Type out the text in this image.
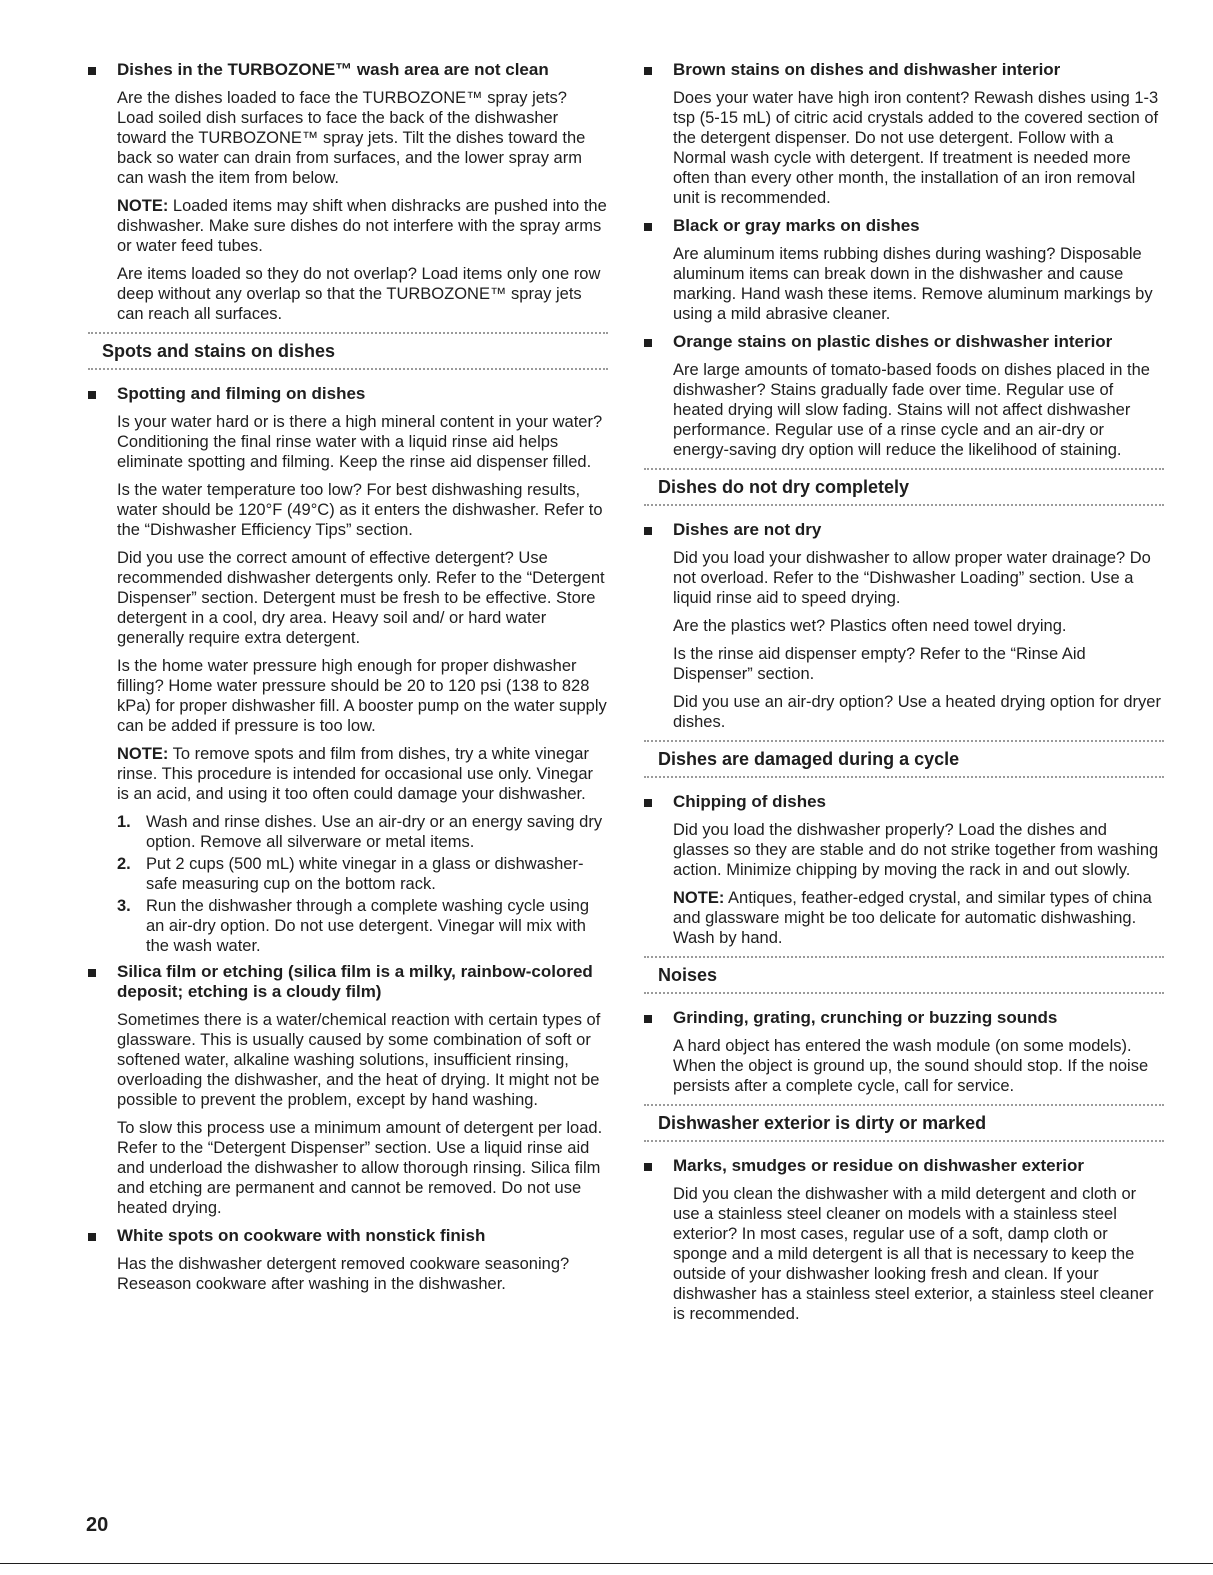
Dishes in the TURBOZONE™ wash area are not clean

Are the dishes loaded to face the TURBOZONE™ spray jets? Load soiled dish surfaces to face the back of the dishwasher toward the TURBOZONE™ spray jets. Tilt the dishes toward the back so water can drain from surfaces, and the lower spray arm can wash the item from below.

NOTE: Loaded items may shift when dishracks are pushed into the dishwasher. Make sure dishes do not interfere with the spray arms or water feed tubes.

Are items loaded so they do not overlap? Load items only one row deep without any overlap so that the TURBOZONE™ spray jets can reach all surfaces.

Spots and stains on dishes
Spotting and filming on dishes

Is your water hard or is there a high mineral content in your water? Conditioning the final rinse water with a liquid rinse aid helps eliminate spotting and filming. Keep the rinse aid dispenser filled.

Is the water temperature too low? For best dishwashing results, water should be 120°F (49°C) as it enters the dishwasher. Refer to the “Dishwasher Efficiency Tips” section.

Did you use the correct amount of effective detergent? Use recommended dishwasher detergents only. Refer to the “Detergent Dispenser” section. Detergent must be fresh to be effective. Store detergent in a cool, dry area. Heavy soil and/ or hard water generally require extra detergent.

Is the home water pressure high enough for proper dishwasher filling? Home water pressure should be 20 to 120 psi (138 to 828 kPa) for proper dishwasher fill. A booster pump on the water supply can be added if pressure is too low.

NOTE: To remove spots and film from dishes, try a white vinegar rinse. This procedure is intended for occasional use only. Vinegar is an acid, and using it too often could damage your dishwasher.

1. Wash and rinse dishes. Use an air-dry or an energy saving dry option. Remove all silverware or metal items.
2. Put 2 cups (500 mL) white vinegar in a glass or dishwasher-safe measuring cup on the bottom rack.
3. Run the dishwasher through a complete washing cycle using an air-dry option. Do not use detergent. Vinegar will mix with the wash water.
Silica film or etching (silica film is a milky, rainbow-colored deposit; etching is a cloudy film)

Sometimes there is a water/chemical reaction with certain types of glassware. This is usually caused by some combination of soft or softened water, alkaline washing solutions, insufficient rinsing, overloading the dishwasher, and the heat of drying. It might not be possible to prevent the problem, except by hand washing.

To slow this process use a minimum amount of detergent per load. Refer to the “Detergent Dispenser” section. Use a liquid rinse aid and underload the dishwasher to allow thorough rinsing. Silica film and etching are permanent and cannot be removed. Do not use heated drying.

White spots on cookware with nonstick finish

Has the dishwasher detergent removed cookware seasoning? Reseason cookware after washing in the dishwasher.

Brown stains on dishes and dishwasher interior

Does your water have high iron content? Rewash dishes using 1-3 tsp (5-15 mL) of citric acid crystals added to the covered section of the detergent dispenser. Do not use detergent. Follow with a Normal wash cycle with detergent. If treatment is needed more often than every other month, the installation of an iron removal unit is recommended.

Black or gray marks on dishes

Are aluminum items rubbing dishes during washing? Disposable aluminum items can break down in the dishwasher and cause marking. Hand wash these items. Remove aluminum markings by using a mild abrasive cleaner.

Orange stains on plastic dishes or dishwasher interior

Are large amounts of tomato-based foods on dishes placed in the dishwasher? Stains gradually fade over time. Regular use of heated drying will slow fading. Stains will not affect dishwasher performance. Regular use of a rinse cycle and an air-dry or energy-saving dry option will reduce the likelihood of staining.

Dishes do not dry completely
Dishes are not dry

Did you load your dishwasher to allow proper water drainage? Do not overload. Refer to the “Dishwasher Loading” section. Use a liquid rinse aid to speed drying.

Are the plastics wet? Plastics often need towel drying.

Is the rinse aid dispenser empty? Refer to the “Rinse Aid Dispenser” section.

Did you use an air-dry option? Use a heated drying option for dryer dishes.

Dishes are damaged during a cycle
Chipping of dishes

Did you load the dishwasher properly? Load the dishes and glasses so they are stable and do not strike together from washing action. Minimize chipping by moving the rack in and out slowly.

NOTE: Antiques, feather-edged crystal, and similar types of china and glassware might be too delicate for automatic dishwashing. Wash by hand.

Noises
Grinding, grating, crunching or buzzing sounds

A hard object has entered the wash module (on some models). When the object is ground up, the sound should stop. If the noise persists after a complete cycle, call for service.

Dishwasher exterior is dirty or marked
Marks, smudges or residue on dishwasher exterior

Did you clean the dishwasher with a mild detergent and cloth or use a stainless steel cleaner on models with a stainless steel exterior? In most cases, regular use of a soft, damp cloth or sponge and a mild detergent is all that is necessary to keep the outside of your dishwasher looking fresh and clean. If your dishwasher has a stainless steel exterior, a stainless steel cleaner is recommended.

20
